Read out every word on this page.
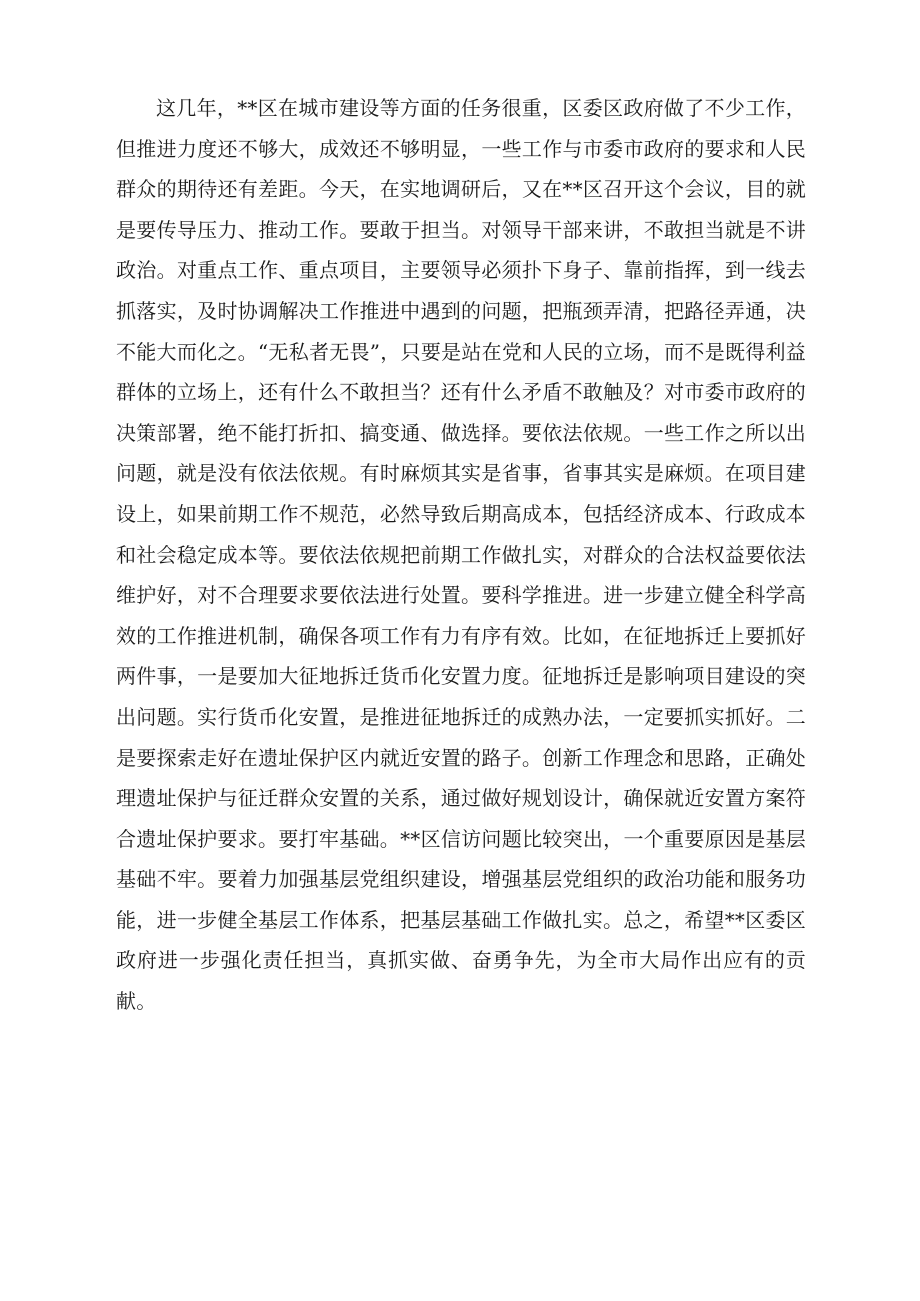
这几年，**区在城市建设等方面的任务很重，区委区政府做了不少工作，但推进力度还不够大，成效还不够明显，一些工作与市委市政府的要求和人民群众的期待还有差距。今天，在实地调研后，又在**区召开这个会议，目的就是要传导压力、推动工作。要敢于担当。对领导干部来讲，不敢担当就是不讲政治。对重点工作、重点项目，主要领导必须扑下身子、靠前指挥，到一线去抓落实，及时协调解决工作推进中遇到的问题，把瓶颈弄清，把路径弄通，决不能大而化之。“无私者无畏”，只要是站在党和人民的立场，而不是既得利益群体的立场上，还有什么不敢担当？还有什么矛盾不敢触及？对市委市政府的决策部署，绝不能打折扣、搞变通、做选择。要依法依规。一些工作之所以出问题，就是没有依法依规。有时麻烦其实是省事，省事其实是麻烦。在项目建设上，如果前期工作不规范，必然导致后期高成本，包括经济成本、行政成本和社会稳定成本等。要依法依规把前期工作做扎实，对群众的合法权益要依法维护好，对不合理要求要依法进行处置。要科学推进。进一步建立健全科学高效的工作推进机制，确保各项工作有力有序有效。比如，在征地拆迁上要抓好两件事，一是要加大征地拆迁货币化安置力度。征地拆迁是影响项目建设的突出问题。实行货币化安置，是推进征地拆迁的成熟办法，一定要抓实抓好。二是要探索走好在遗址保护区内就近安置的路子。创新工作理念和思路，正确处理遗址保护与征迁群众安置的关系，通过做好规划设计，确保就近安置方案符合遗址保护要求。要打牢基础。**区信访问题比较突出，一个重要原因是基层基础不牢。要着力加强基层党组织建设，增强基层党组织的政治功能和服务功能，进一步健全基层工作体系，把基层基础工作做扎实。总之，希望**区委区政府进一步强化责任担当，真抓实做、奋勇争先，为全市大局作出应有的贡献。
